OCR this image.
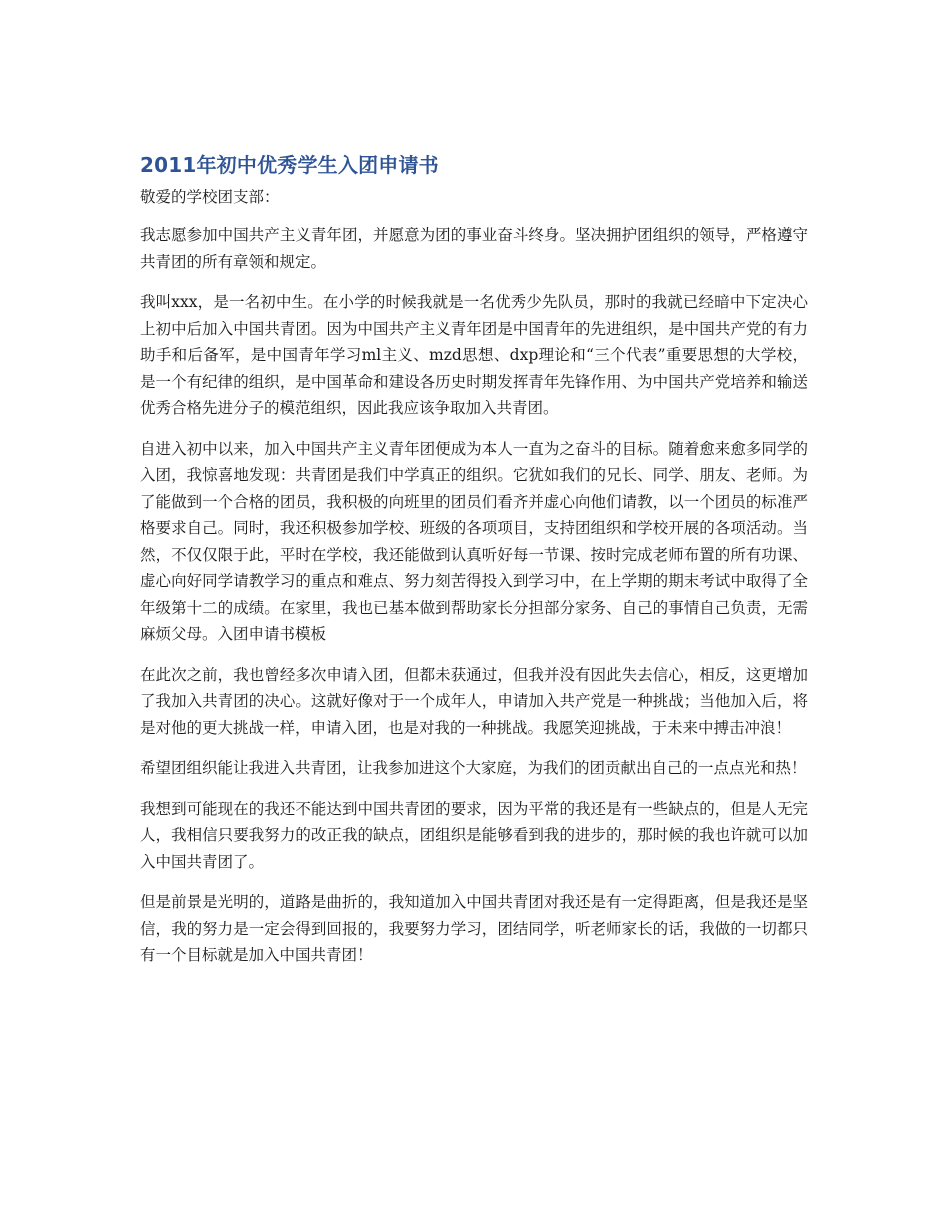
2011年初中优秀学生入团申请书

敬爱的学校团支部：

我志愿参加中国共产主义青年团，并愿意为团的事业奋斗终身。坚决拥护团组织的领导，严格遵守共青团的所有章领和规定。

我叫xxx，是一名初中生。在小学的时候我就是一名优秀少先队员，那时的我就已经暗中下定决心上初中后加入中国共青团。因为中国共产主义青年团是中国青年的先进组织，是中国共产党的有力助手和后备军，是中国青年学习ml主义、mzd思想、dxp理论和“三个代表”重要思想的大学校，是一个有纪律的组织，是中国革命和建设各历史时期发挥青年先锋作用、为中国共产党培养和输送优秀合格先进分子的模范组织，因此我应该争取加入共青团。

自进入初中以来，加入中国共产主义青年团便成为本人一直为之奋斗的目标。随着愈来愈多同学的入团，我惊喜地发现：共青团是我们中学真正的组织。它犹如我们的兄长、同学、朋友、老师。为了能做到一个合格的团员，我积极的向班里的团员们看齐并虚心向他们请教，以一个团员的标准严格要求自己。同时，我还积极参加学校、班级的各项项目，支持团组织和学校开展的各项活动。当然，不仅仅限于此，平时在学校，我还能做到认真听好每一节课、按时完成老师布置的所有功课、虚心向好同学请教学习的重点和难点、努力刻苦得投入到学习中，在上学期的期末考试中取得了全年级第十二的成绩。在家里，我也已基本做到帮助家长分担部分家务、自己的事情自己负责，无需麻烦父母。入团申请书模板

在此次之前，我也曾经多次申请入团，但都未获通过，但我并没有因此失去信心，相反，这更增加了我加入共青团的决心。这就好像对于一个成年人，申请加入共产党是一种挑战；当他加入后，将是对他的更大挑战一样，申请入团，也是对我的一种挑战。我愿笑迎挑战，于未来中搏击冲浪！

希望团组织能让我进入共青团，让我参加进这个大家庭，为我们的团贡献出自己的一点点光和热！

我想到可能现在的我还不能达到中国共青团的要求，因为平常的我还是有一些缺点的，但是人无完人，我相信只要我努力的改正我的缺点，团组织是能够看到我的进步的，那时候的我也许就可以加入中国共青团了。

但是前景是光明的，道路是曲折的，我知道加入中国共青团对我还是有一定得距离，但是我还是坚信，我的努力是一定会得到回报的，我要努力学习，团结同学，听老师家长的话，我做的一切都只有一个目标就是加入中国共青团！
